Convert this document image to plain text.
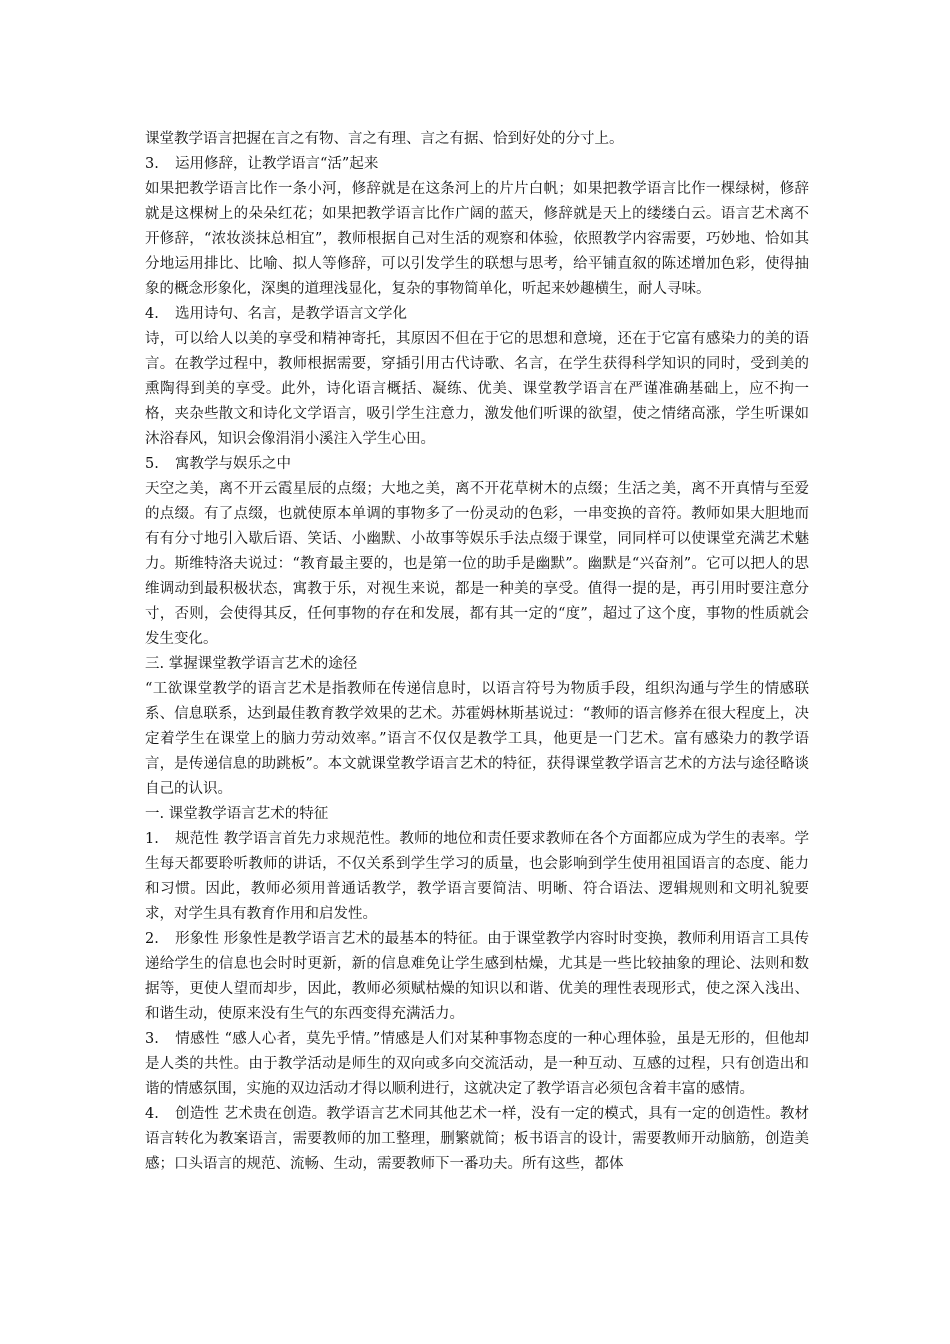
课堂教学语言把握在言之有物、言之有理、言之有据、恰到好处的分寸上。

3. 运用修辞，让教学语言“活”起来

如果把教学语言比作一条小河，修辞就是在这条河上的片片白帆；如果把教学语言比作一棵绿树，修辞就是这棵树上的朵朵红花；如果把教学语言比作广阔的蓝天，修辞就是天上的缕缕白云。语言艺术离不开修辞，“浓妆淡抹总相宜”，教师根据自己对生活的观察和体验，依照教学内容需要，巧妙地、恰如其分地运用排比、比喻、拟人等修辞，可以引发学生的联想与思考，给平铺直叙的陈述增加色彩，使得抽象的概念形象化，深奥的道理浅显化，复杂的事物简单化，听起来妙趣横生，耐人寻味。

4. 选用诗句、名言，是教学语言文学化

诗，可以给人以美的享受和精神寄托，其原因不但在于它的思想和意境，还在于它富有感染力的美的语言。在教学过程中，教师根据需要，穿插引用古代诗歌、名言，在学生获得科学知识的同时，受到美的熏陶得到美的享受。此外，诗化语言概括、凝练、优美、课堂教学语言在严谨准确基础上，应不拘一格，夹杂些散文和诗化文学语言，吸引学生注意力，激发他们听课的欲望，使之情绪高涨，学生听课如沐浴春风，知识会像涓涓小溪注入学生心田。

5. 寓教学与娱乐之中

天空之美，离不开云霞星辰的点缀；大地之美，离不开花草树木的点缀；生活之美，离不开真情与至爱的点缀。有了点缀，也就使原本单调的事物多了一份灵动的色彩，一串变换的音符。教师如果大胆地而有有分寸地引入歇后语、笑话、小幽默、小故事等娱乐手法点缀于课堂，同同样可以使课堂充满艺术魅力。斯维特洛夫说过：“教育最主要的，也是第一位的助手是幽默”。幽默是“兴奋剂”。它可以把人的思维调动到最积极状态，寓教于乐，对视生来说，都是一种美的享受。值得一提的是，再引用时要注意分寸，否则，会使得其反，任何事物的存在和发展，都有其一定的“度”，超过了这个度，事物的性质就会发生变化。

三. 掌握课堂教学语言艺术的途径

“工欲课堂教学的语言艺术是指教师在传递信息时，以语言符号为物质手段，组织沟通与学生的情感联系、信息联系，达到最佳教育教学效果的艺术。苏霍姆林斯基说过：“教师的语言修养在很大程度上，决定着学生在课堂上的脑力劳动效率。”语言不仅仅是教学工具，他更是一门艺术。富有感染力的教学语言，是传递信息的助跳板”。本文就课堂教学语言艺术的特征，获得课堂教学语言艺术的方法与途径略谈自己的认识。

一. 课堂教学语言艺术的特征

1. 规范性 教学语言首先力求规范性。教师的地位和责任要求教师在各个方面都应成为学生的表率。学生每天都要聆听教师的讲话，不仅关系到学生学习的质量，也会影响到学生使用祖国语言的态度、能力和习惯。因此，教师必须用普通话教学，教学语言要简洁、明晰、符合语法、逻辑规则和文明礼貌要求，对学生具有教育作用和启发性。

2. 形象性 形象性是教学语言艺术的最基本的特征。由于课堂教学内容时时变换，教师利用语言工具传递给学生的信息也会时时更新，新的信息难免让学生感到枯燥，尤其是一些比较抽象的理论、法则和数据等，更使人望而却步，因此，教师必须赋枯燥的知识以和谐、优美的理性表现形式，使之深入浅出、和谐生动，使原来没有生气的东西变得充满活力。

3. 情感性 “感人心者，莫先乎情。”情感是人们对某种事物态度的一种心理体验，虽是无形的，但他却是人类的共性。由于教学活动是师生的双向或多向交流活动，是一种互动、互感的过程，只有创造出和谐的情感氛围，实施的双边活动才得以顺利进行，这就决定了教学语言必须包含着丰富的感情。

4. 创造性 艺术贵在创造。教学语言艺术同其他艺术一样，没有一定的模式，具有一定的创造性。教材语言转化为教案语言，需要教师的加工整理，删繁就简；板书语言的设计，需要教师开动脑筋，创造美感；口头语言的规范、流畅、生动，需要教师下一番功夫。所有这些，都体
